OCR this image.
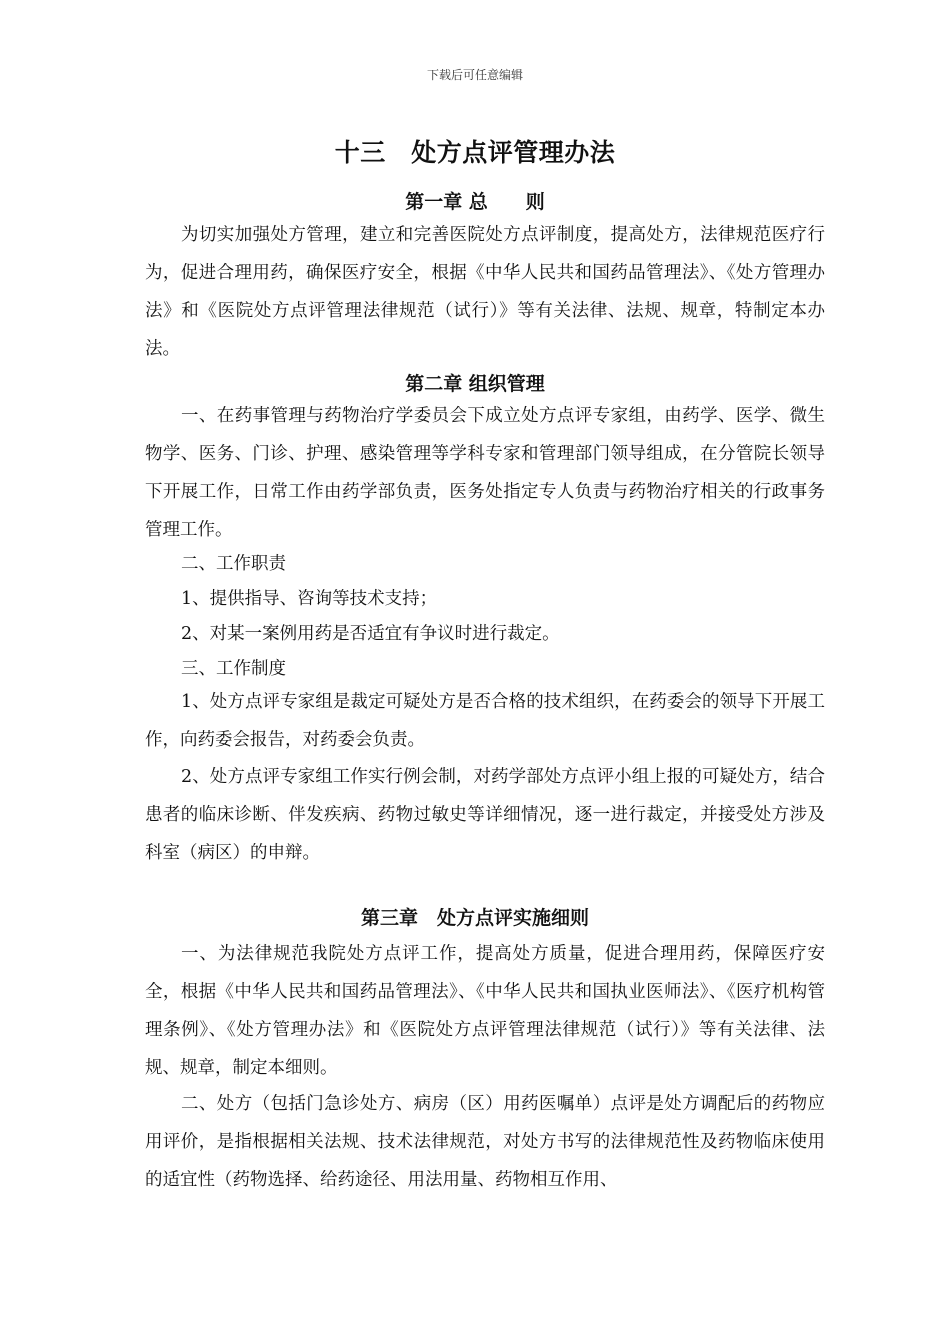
下载后可任意编辑
十三　处方点评管理办法
第一章 总　　则

为切实加强处方管理，建立和完善医院处方点评制度，提高处方，法律规范医疗行为，促进合理用药，确保医疗安全，根据《中华人民共和国药品管理法》、《处方管理办法》和《医院处方点评管理法律规范（试行）》等有关法律、法规、规章，特制定本办法。

第二章 组织管理

一、在药事管理与药物治疗学委员会下成立处方点评专家组，由药学、医学、微生物学、医务、门诊、护理、感染管理等学科专家和管理部门领导组成，在分管院长领导下开展工作，日常工作由药学部负责，医务处指定专人负责与药物治疗相关的行政事务管理工作。

二、工作职责

1、提供指导、咨询等技术支持；

2、对某一案例用药是否适宜有争议时进行裁定。

三、工作制度

1、处方点评专家组是裁定可疑处方是否合格的技术组织，在药委会的领导下开展工作，向药委会报告，对药委会负责。

2、处方点评专家组工作实行例会制，对药学部处方点评小组上报的可疑处方，结合患者的临床诊断、伴发疾病、药物过敏史等详细情况，逐一进行裁定，并接受处方涉及科室（病区）的申辩。

第三章　处方点评实施细则

一、为法律规范我院处方点评工作，提高处方质量，促进合理用药，保障医疗安全，根据《中华人民共和国药品管理法》、《中华人民共和国执业医师法》、《医疗机构管理条例》、《处方管理办法》和《医院处方点评管理法律规范（试行）》等有关法律、法规、规章，制定本细则。

二、处方（包括门急诊处方、病房（区）用药医嘱单）点评是处方调配后的药物应用评价，是指根据相关法规、技术法律规范，对处方书写的法律规范性及药物临床使用的适宜性（药物选择、给药途径、用法用量、药物相互作用、
